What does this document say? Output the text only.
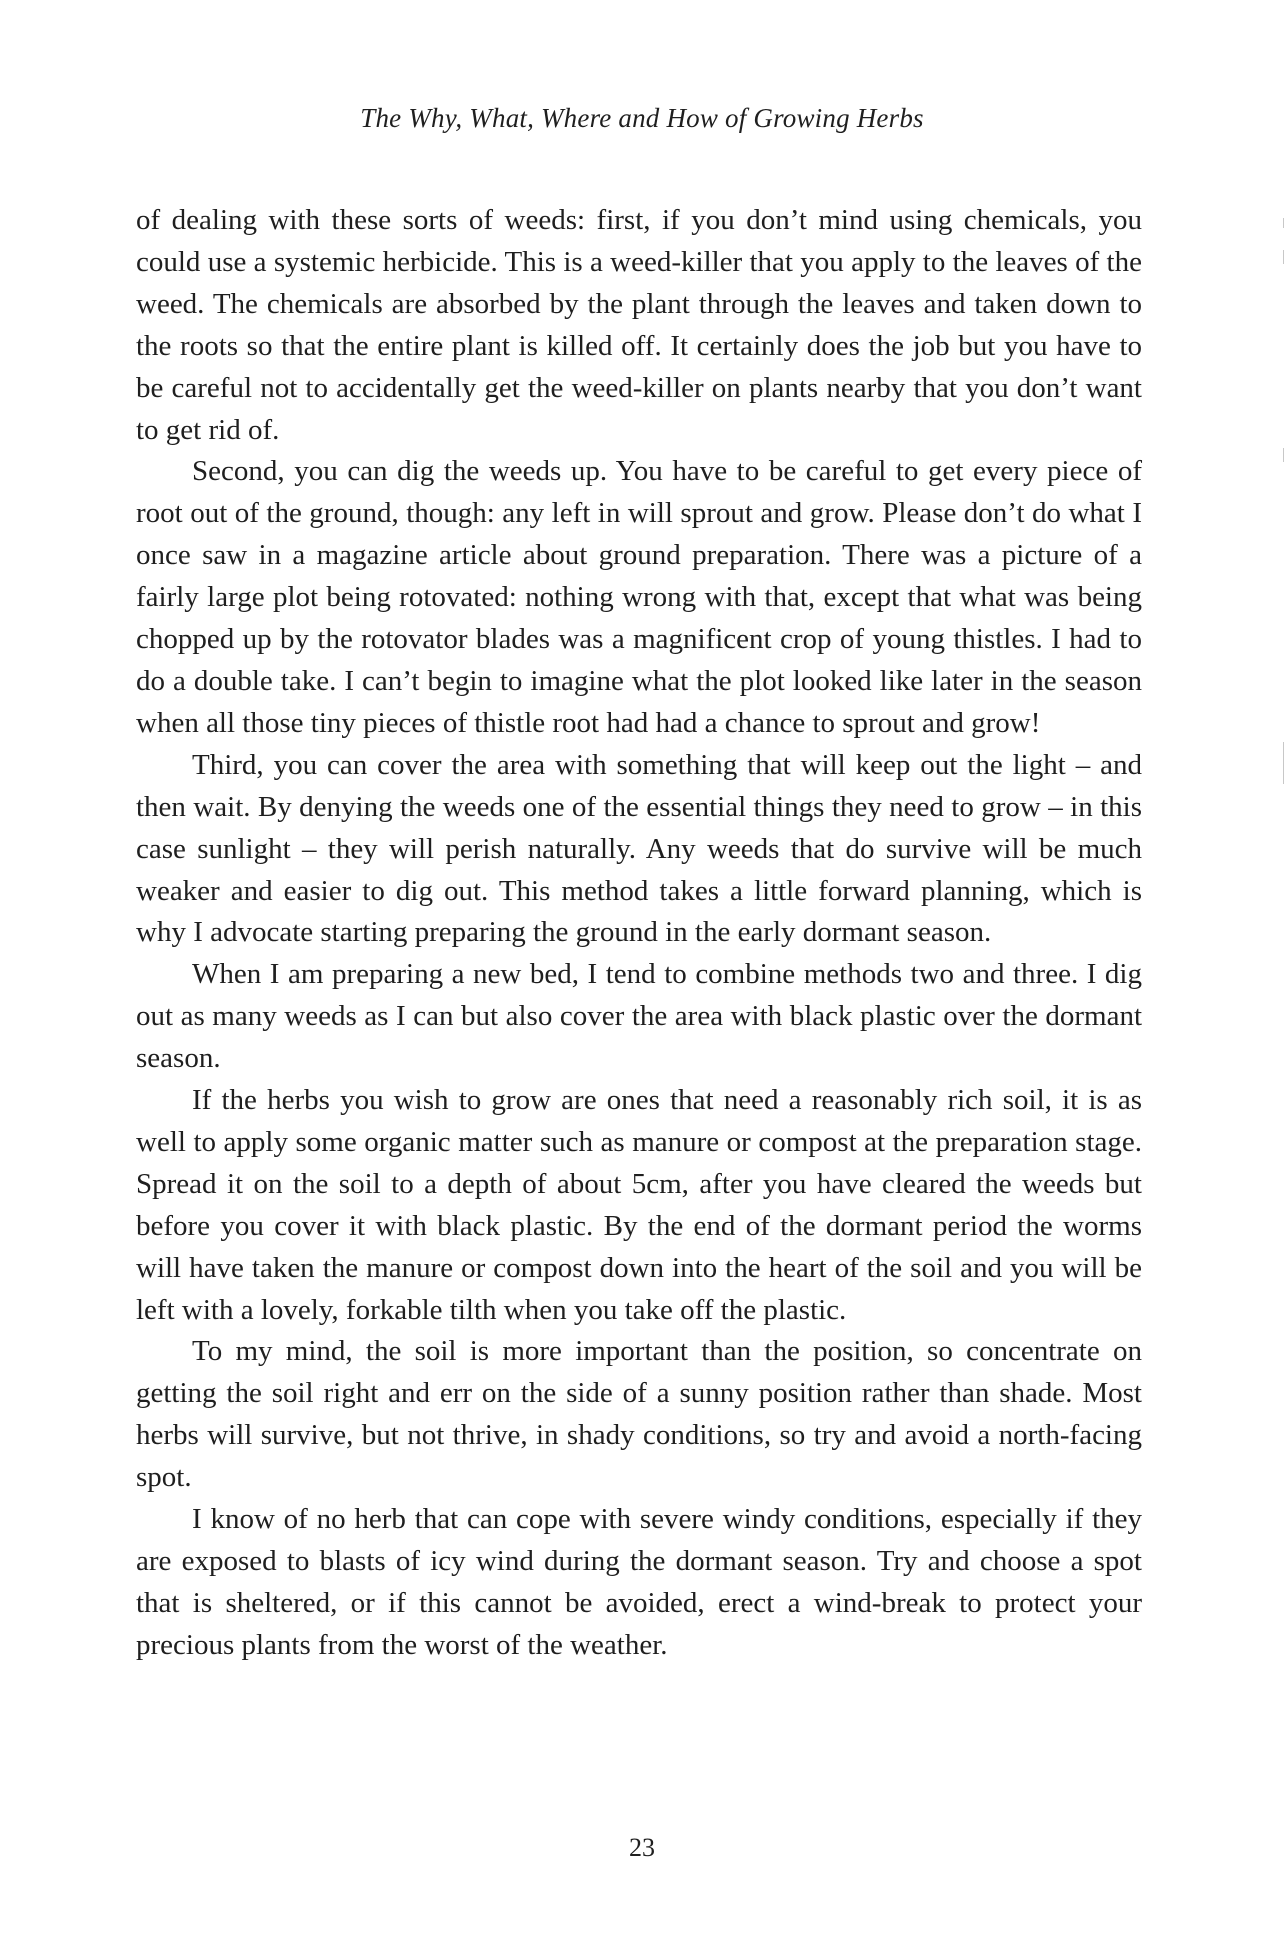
The Why, What, Where and How of Growing Herbs

of dealing with these sorts of weeds: first, if you don’t mind using chemicals, you could use a systemic herbicide. This is a weed-killer that you apply to the leaves of the weed. The chemicals are absorbed by the plant through the leaves and taken down to the roots so that the entire plant is killed off. It certainly does the job but you have to be careful not to accidentally get the weed-killer on plants nearby that you don’t want to get rid of.

Second, you can dig the weeds up. You have to be careful to get every piece of root out of the ground, though: any left in will sprout and grow. Please don’t do what I once saw in a magazine article about ground preparation. There was a picture of a fairly large plot being rotovated: nothing wrong with that, except that what was being chopped up by the rotovator blades was a magnificent crop of young thistles. I had to do a double take. I can’t begin to imagine what the plot looked like later in the season when all those tiny pieces of thistle root had had a chance to sprout and grow!

Third, you can cover the area with something that will keep out the light – and then wait. By denying the weeds one of the essential things they need to grow – in this case sunlight – they will perish naturally. Any weeds that do survive will be much weaker and easier to dig out. This method takes a little forward planning, which is why I advocate starting preparing the ground in the early dormant season.

When I am preparing a new bed, I tend to combine methods two and three. I dig out as many weeds as I can but also cover the area with black plastic over the dormant season.

If the herbs you wish to grow are ones that need a reasonably rich soil, it is as well to apply some organic matter such as manure or compost at the preparation stage. Spread it on the soil to a depth of about 5cm, after you have cleared the weeds but before you cover it with black plastic. By the end of the dormant period the worms will have taken the manure or compost down into the heart of the soil and you will be left with a lovely, forkable tilth when you take off the plastic.

To my mind, the soil is more important than the position, so concentrate on getting the soil right and err on the side of a sunny position rather than shade. Most herbs will survive, but not thrive, in shady conditions, so try and avoid a north-facing spot.

I know of no herb that can cope with severe windy conditions, especially if they are exposed to blasts of icy wind during the dormant season. Try and choose a spot that is sheltered, or if this cannot be avoided, erect a wind-break to protect your precious plants from the worst of the weather.

23
